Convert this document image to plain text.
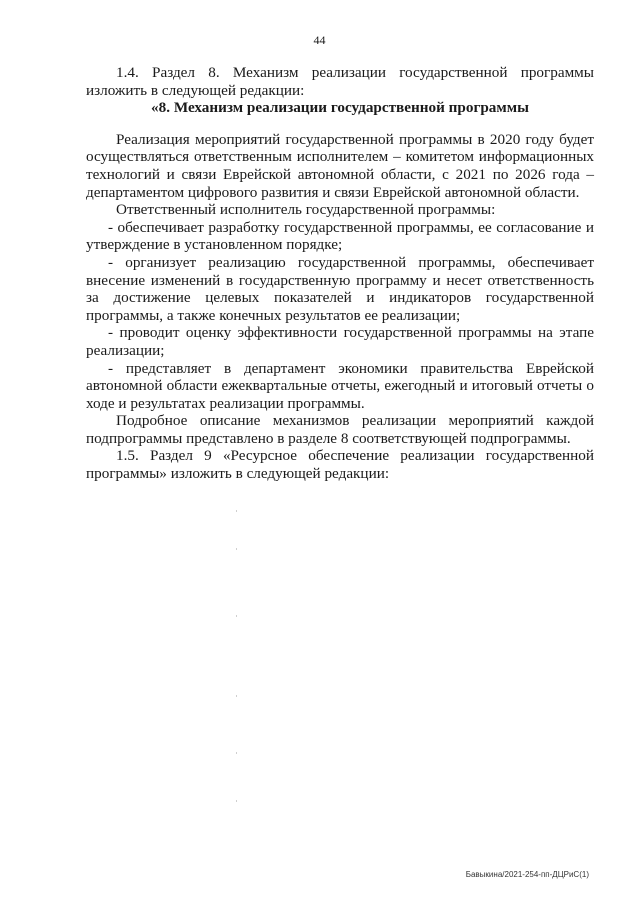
44

1.4. Раздел 8. Механизм реализации государственной программы изложить в следующей редакции:

«8. Механизм реализации государственной программы

Реализация мероприятий государственной программы в 2020 году будет осуществляться ответственным исполнителем – комитетом информационных технологий и связи Еврейской автономной области, с 2021 по 2026 года – департаментом цифрового развития и связи Еврейской автономной области.

Ответственный исполнитель государственной программы:

- обеспечивает разработку государственной программы, ее согласование и утверждение в установленном порядке;

- организует реализацию государственной программы, обеспечивает внесение изменений в государственную программу и несет ответственность за достижение целевых показателей и индикаторов государственной программы, а также конечных результатов ее реализации;

- проводит оценку эффективности государственной программы на этапе реализации;

- представляет в департамент экономики правительства Еврейской автономной области ежеквартальные отчеты, ежегодный и итоговый отчеты о ходе и результатах реализации программы.

Подробное описание механизмов реализации мероприятий каждой подпрограммы представлено в разделе 8 соответствующей подпрограммы.

1.5. Раздел 9 «Ресурсное обеспечение реализации государственной программы» изложить в следующей редакции:

Бавыкина/2021-254-пп-ДЦРиС(1)
